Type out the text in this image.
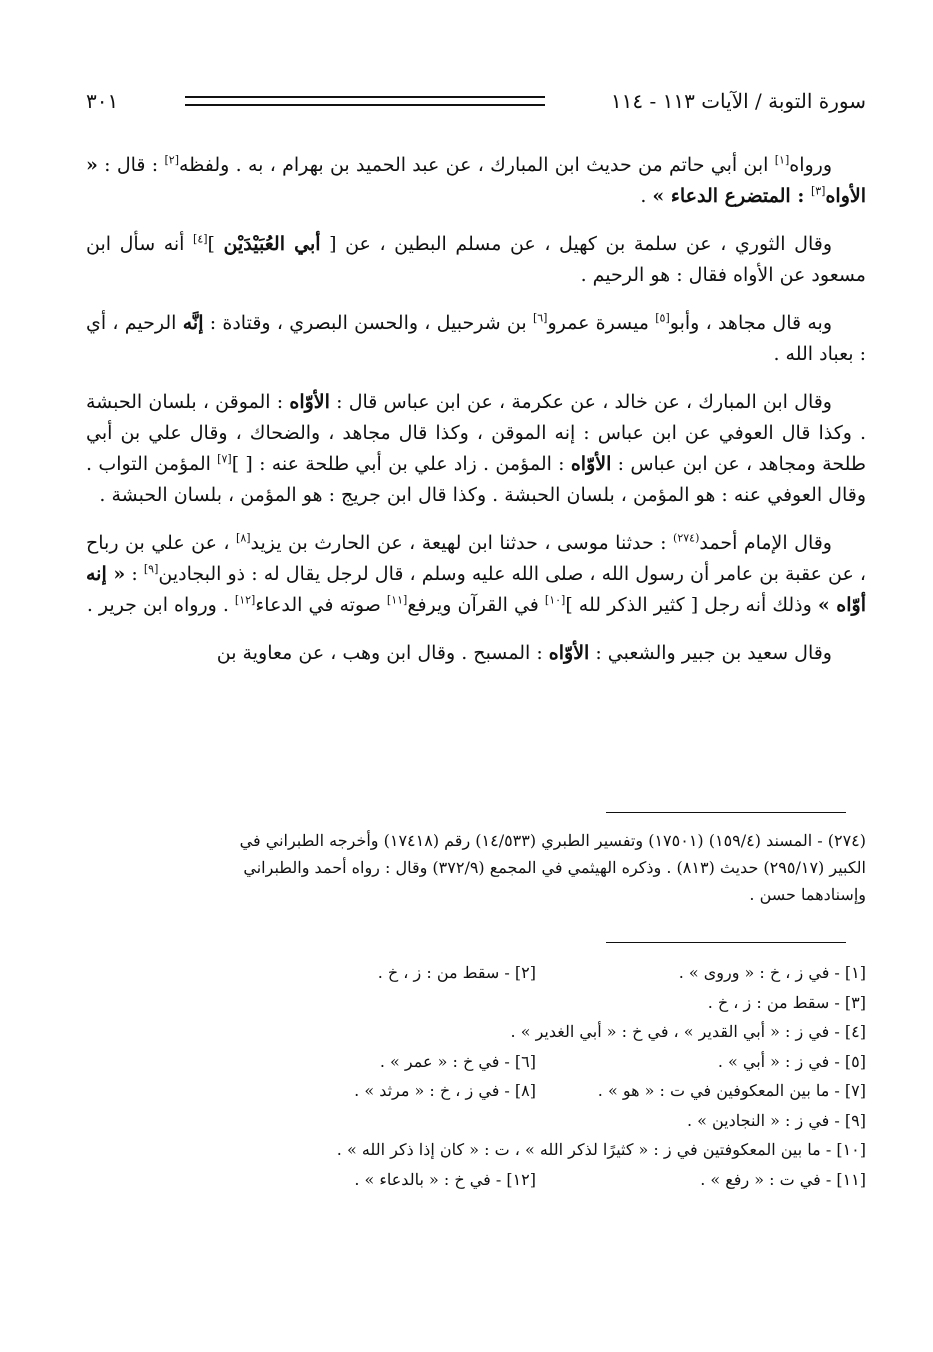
سورة التوبة / الآيات ١١٣ - ١١٤
٣٠١

ورواه[١] ابن أبي حاتم من حديث ابن المبارك ، عن عبد الحميد بن بهرام ، به . ولفظه[٢] : قال : « الأواه[٣] : المتضرع الدعاء » .

وقال الثوري ، عن سلمة بن كهيل ، عن مسلم البطين ، عن [ أبي العُبَيْدَيْن ][٤] أنه سأل ابن مسعود عن الأواه فقال : هو الرحيم .

وبه قال مجاهد ، وأبو[٥] ميسرة عمرو[٦] بن شرحبيل ، والحسن البصري ، وقتادة : إنَّه الرحيم ، أي : بعباد الله .

وقال ابن المبارك ، عن خالد ، عن عكرمة ، عن ابن عباس قال : الأوّاه : الموقن ، بلسان الحبشة . وكذا قال العوفي عن ابن عباس : إنه الموقن ، وكذا قال مجاهد ، والضحاك ، وقال علي بن أبي طلحة ومجاهد ، عن ابن عباس : الأوّاه : المؤمن . زاد علي بن أبي طلحة عنه : [ ][٧] المؤمن التواب . وقال العوفي عنه : هو المؤمن ، بلسان الحبشة . وكذا قال ابن جريج : هو المؤمن ، بلسان الحبشة .

وقال الإمام أحمد$^{(٢٧٤)}$ : حدثنا موسى ، حدثنا ابن لهيعة ، عن الحارث بن يزيد[٨] ، عن علي بن رباح ، عن عقبة بن عامر أن رسول الله ، صلى الله عليه وسلم ، قال لرجل يقال له : ذو البجادين[٩] : « إنه أوّاه » وذلك أنه رجل [ كثير الذكر لله ][١٠] في القرآن ويرفع[١١] صوته في الدعاء[١٢] . ورواه ابن جرير .

وقال سعيد بن جبير والشعبي : الأوّاه : المسبح . وقال ابن وهب ، عن معاوية بن

(٢٧٤) - المسند (١٥٩/٤) (١٧٥٠١) وتفسير الطبري (١٤/٥٣٣) رقم (١٧٤١٨) وأخرجه الطبراني في
الكبير (٢٩٥/١٧) حديث (٨١٣) . وذكره الهيثمي في المجمع (٣٧٢/٩) وقال : رواه أحمد والطبراني
وإسنادهما حسن .
[١] - في ز ، خ : « وروى » .
[٢] - سقط من : ز ، خ .
[٣] - سقط من : ز ، خ .
[٤] - في ز : « أبي القدير » ، في خ : « أبي الغدير » .
[٥] - في ز : « أبي » .
[٦] - في خ : « عمر » .
[٧] - ما بين المعكوفين في ت : « هو » .
[٨] - في ز ، خ : « مرثد » .
[٩] - في ز : « النجادين » .
[١٠] - ما بين المعكوفتين في ز : « كثيرًا لذكر الله » ، ت : « كان إذا ذكر الله » .
[١١] - في ت : « رفع » .
[١٢] - في خ : « بالدعاء » .
